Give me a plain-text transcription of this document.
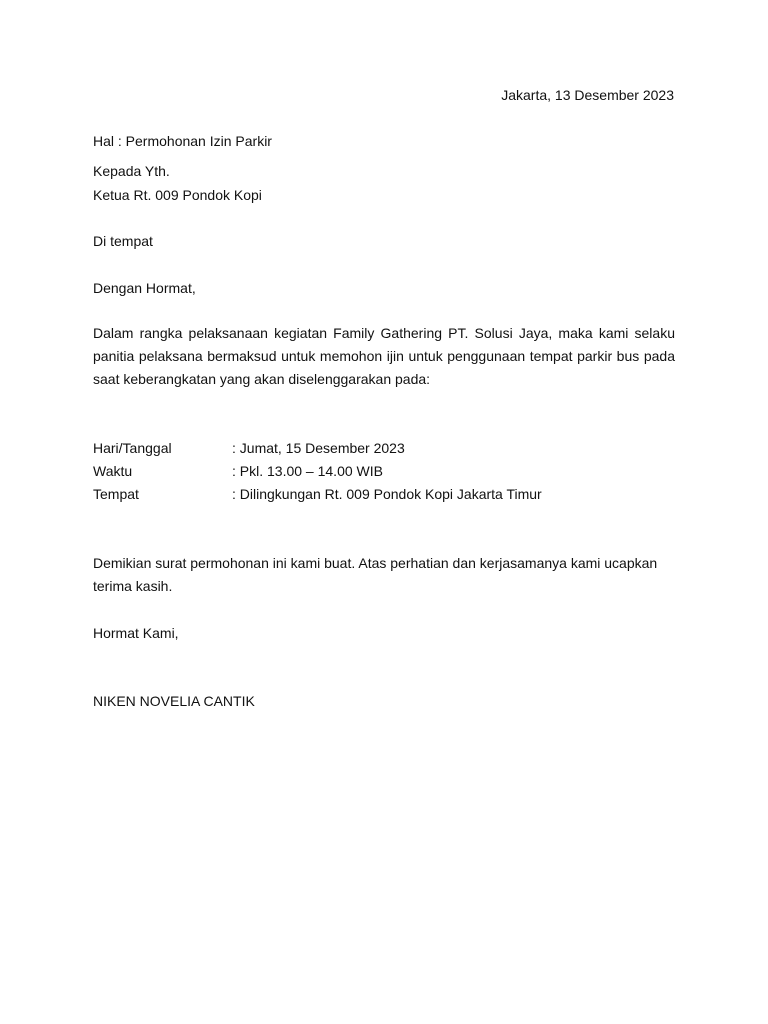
Jakarta, 13 Desember 2023
Hal : Permohonan Izin Parkir
Kepada Yth.
Ketua Rt. 009 Pondok Kopi
Di tempat
Dengan Hormat,
Dalam rangka pelaksanaan kegiatan Family Gathering PT. Solusi Jaya, maka kami selaku
panitia pelaksana bermaksud untuk memohon ijin untuk penggunaan tempat parkir bus pada
saat keberangkatan yang akan diselenggarakan pada:
Hari/Tanggal	: Jumat, 15 Desember 2023
Waktu	: Pkl. 13.00 – 14.00 WIB
Tempat	: Dilingkungan Rt. 009 Pondok Kopi Jakarta Timur
Demikian surat permohonan ini kami buat. Atas perhatian dan kerjasamanya kami ucapkan
terima kasih.
Hormat Kami,
NIKEN NOVELIA CANTIK
